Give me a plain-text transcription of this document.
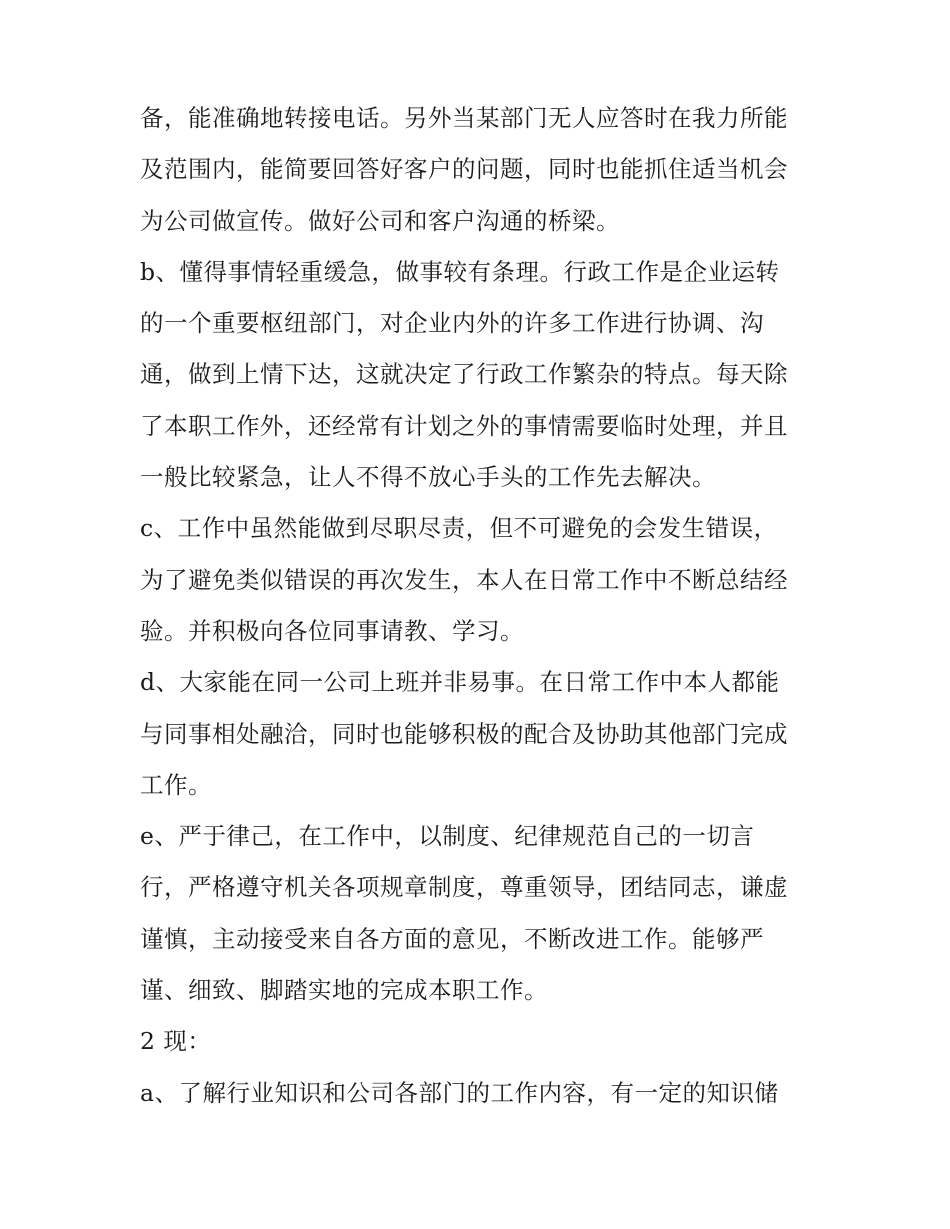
备，能准确地转接电话。另外当某部门无人应答时在我力所能
及范围内，能简要回答好客户的问题，同时也能抓住适当机会
为公司做宣传。做好公司和客户沟通的桥梁。
b、懂得事情轻重缓急，做事较有条理。行政工作是企业运转
的一个重要枢纽部门，对企业内外的许多工作进行协调、沟
通，做到上情下达，这就决定了行政工作繁杂的特点。每天除
了本职工作外，还经常有计划之外的事情需要临时处理，并且
一般比较紧急，让人不得不放心手头的工作先去解决。
c、工作中虽然能做到尽职尽责，但不可避免的会发生错误，
为了避免类似错误的再次发生，本人在日常工作中不断总结经
验。并积极向各位同事请教、学习。
d、大家能在同一公司上班并非易事。在日常工作中本人都能
与同事相处融洽，同时也能够积极的配合及协助其他部门完成
工作。
e、严于律己，在工作中，以制度、纪律规范自己的一切言
行，严格遵守机关各项规章制度，尊重领导，团结同志，谦虚
谨慎，主动接受来自各方面的意见，不断改进工作。能够严
谨、细致、脚踏实地的完成本职工作。
2 现：
a、了解行业知识和公司各部门的工作内容，有一定的知识储
